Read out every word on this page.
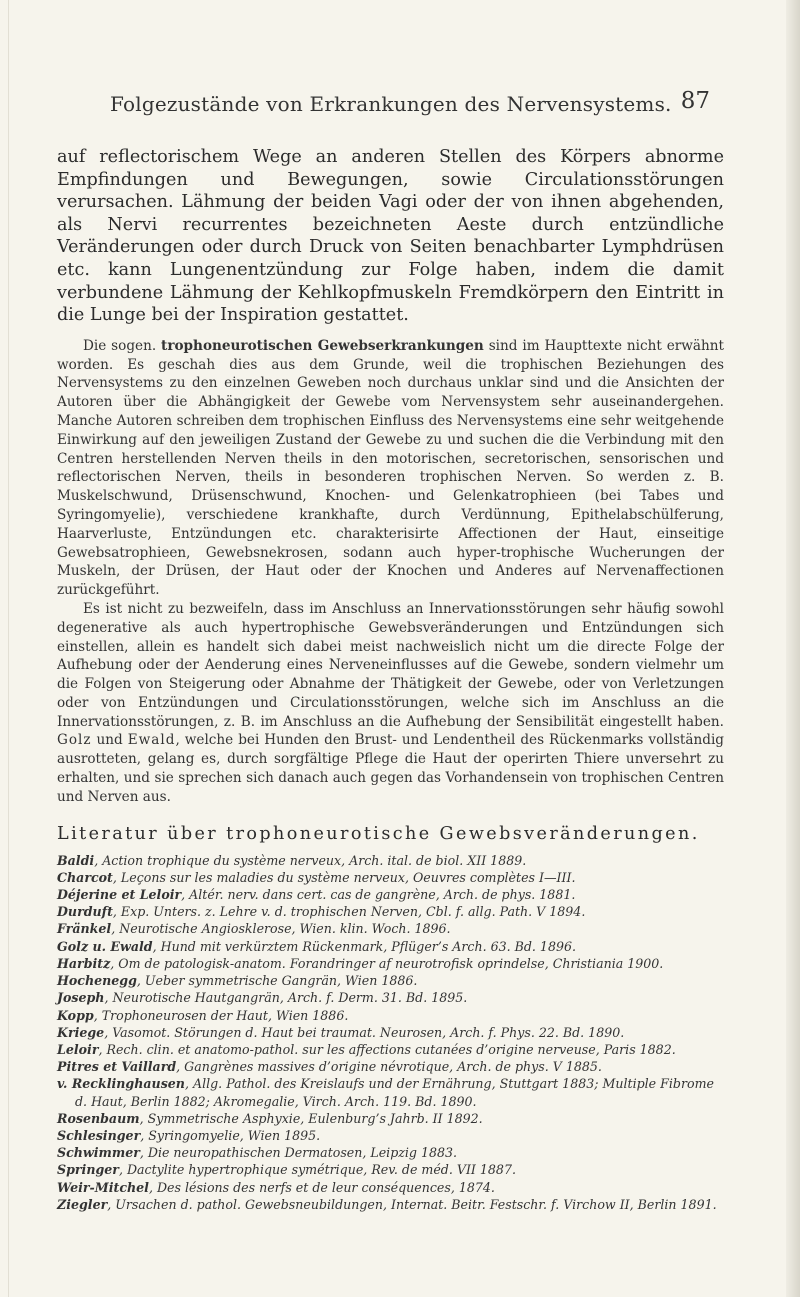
Folgezustände von Erkrankungen des Nervensystems. 87

auf reflectorischem Wege an anderen Stellen des Körpers abnorme Empfindungen und Bewegungen, sowie Circulationsstörungen verursachen. Lähmung der beiden Vagi oder der von ihnen abgehenden, als Nervi recurrentes bezeichneten Aeste durch entzündliche Veränderungen oder durch Druck von Seiten benachbarter Lymphdrüsen etc. kann Lungenentzündung zur Folge haben, indem die damit verbundene Lähmung der Kehlkopfmuskeln Fremdkörpern den Eintritt in die Lunge bei der Inspiration gestattet.

Die sogen. trophoneurotischen Gewebserkrankungen sind im Haupttexte nicht erwähnt worden. Es geschah dies aus dem Grunde, weil die trophischen Beziehungen des Nervensystems zu den einzelnen Geweben noch durchaus unklar sind und die Ansichten der Autoren über die Abhängigkeit der Gewebe vom Nervensystem sehr auseinandergehen. Manche Autoren schreiben dem trophischen Einfluss des Nervensystems eine sehr weitgehende Einwirkung auf den jeweiligen Zustand der Gewebe zu und suchen die die Verbindung mit den Centren herstellenden Nerven theils in den motorischen, secretorischen, sensorischen und reflectorischen Nerven, theils in besonderen trophischen Nerven. So werden z. B. Muskelschwund, Drüsenschwund, Knochen- und Gelenkatrophieen (bei Tabes und Syringomyelie), verschiedene krankhafte, durch Verdünnung, Epithelabschülferung, Haarverluste, Entzündungen etc. charakterisirte Affectionen der Haut, einseitige Gewebsatrophieen, Gewebsnekrosen, sodann auch hyper-trophische Wucherungen der Muskeln, der Drüsen, der Haut oder der Knochen und Anderes auf Nervenaffectionen zurückgeführt.

Es ist nicht zu bezweifeln, dass im Anschluss an Innervationsstörungen sehr häufig sowohl degenerative als auch hypertrophische Gewebsveränderungen und Entzündungen sich einstellen, allein es handelt sich dabei meist nachweislich nicht um die directe Folge der Aufhebung oder der Aenderung eines Nerveneinflusses auf die Gewebe, sondern vielmehr um die Folgen von Steigerung oder Abnahme der Thätigkeit der Gewebe, oder von Verletzungen oder von Entzündungen und Circulationsstörungen, welche sich im Anschluss an die Innervationsstörungen, z. B. im Anschluss an die Aufhebung der Sensibilität eingestellt haben. Golz und Ewald, welche bei Hunden den Brust- und Lendentheil des Rückenmarks vollständig ausrotteten, gelang es, durch sorgfältige Pflege die Haut der operirten Thiere unversehrt zu erhalten, und sie sprechen sich danach auch gegen das Vorhandensein von trophischen Centren und Nerven aus.

Literatur über trophoneurotische Gewebsveränderungen.

Baldi, Action trophique du système nerveux, Arch. ital. de biol. XII 1889.

Charcot, Leçons sur les maladies du système nerveux, Oeuvres complètes I—III.

Déjerine et Leloir, Altér. nerv. dans cert. cas de gangrène, Arch. de phys. 1881.

Durduft, Exp. Unters. z. Lehre v. d. trophischen Nerven, Cbl. f. allg. Path. V 1894.

Fränkel, Neurotische Angiosklerose, Wien. klin. Woch. 1896.

Golz u. Ewald, Hund mit verkürztem Rückenmark, Pflüger’s Arch. 63. Bd. 1896.

Harbitz, Om de patologisk-anatom. Forandringer af neurotrofisk oprindelse, Christiania 1900.

Hochenegg, Ueber symmetrische Gangrän, Wien 1886.

Joseph, Neurotische Hautgangrän, Arch. f. Derm. 31. Bd. 1895.

Kopp, Trophoneurosen der Haut, Wien 1886.

Kriege, Vasomot. Störungen d. Haut bei traumat. Neurosen, Arch. f. Phys. 22. Bd. 1890.

Leloir, Rech. clin. et anatomo-pathol. sur les affections cutanées d’origine nerveuse, Paris 1882.

Pitres et Vaillard, Gangrènes massives d’origine névrotique, Arch. de phys. V 1885.

v. Recklinghausen, Allg. Pathol. des Kreislaufs und der Ernährung, Stuttgart 1883; Multiple Fibrome d. Haut, Berlin 1882; Akromegalie, Virch. Arch. 119. Bd. 1890.

Rosenbaum, Symmetrische Asphyxie, Eulenburg’s Jahrb. II 1892.

Schlesinger, Syringomyelie, Wien 1895.

Schwimmer, Die neuropathischen Dermatosen, Leipzig 1883.

Springer, Dactylite hypertrophique symétrique, Rev. de méd. VII 1887.

Weir-Mitchel, Des lésions des nerfs et de leur conséquences, 1874.

Ziegler, Ursachen d. pathol. Gewebsneubildungen, Internat. Beitr. Festschr. f. Virchow II, Berlin 1891.
